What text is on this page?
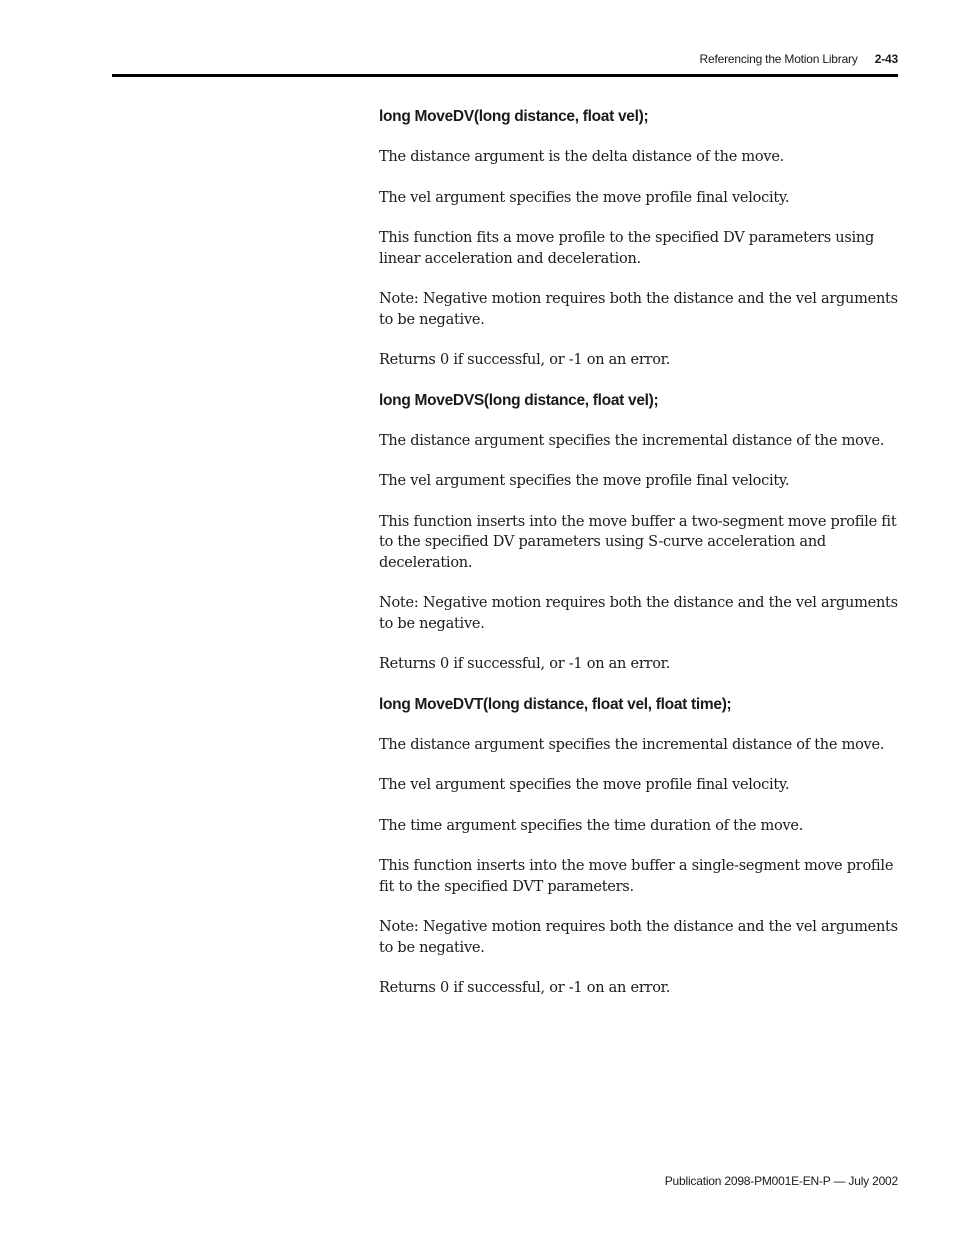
Referencing the Motion Library 2-43
long MoveDV(long distance, float vel);

The distance argument is the delta distance of the move.

The vel argument specifies the move profile final velocity.

This function fits a move profile to the specified DV parameters using linear acceleration and deceleration.

Note: Negative motion requires both the distance and the vel arguments to be negative.

Returns 0 if successful, or -1 on an error.

long MoveDVS(long distance, float vel);

The distance argument specifies the incremental distance of the move.

The vel argument specifies the move profile final velocity.

This function inserts into the move buffer a two-segment move profile fit to the specified DV parameters using S-curve acceleration and deceleration.

Note: Negative motion requires both the distance and the vel arguments to be negative.

Returns 0 if successful, or -1 on an error.

long MoveDVT(long distance, float vel, float time);

The distance argument specifies the incremental distance of the move.

The vel argument specifies the move profile final velocity.

The time argument specifies the time duration of the move.

This function inserts into the move buffer a single-segment move profile fit to the specified DVT parameters.

Note: Negative motion requires both the distance and the vel arguments to be negative.

Returns 0 if successful, or -1 on an error.

Publication 2098-PM001E-EN-P — July 2002
